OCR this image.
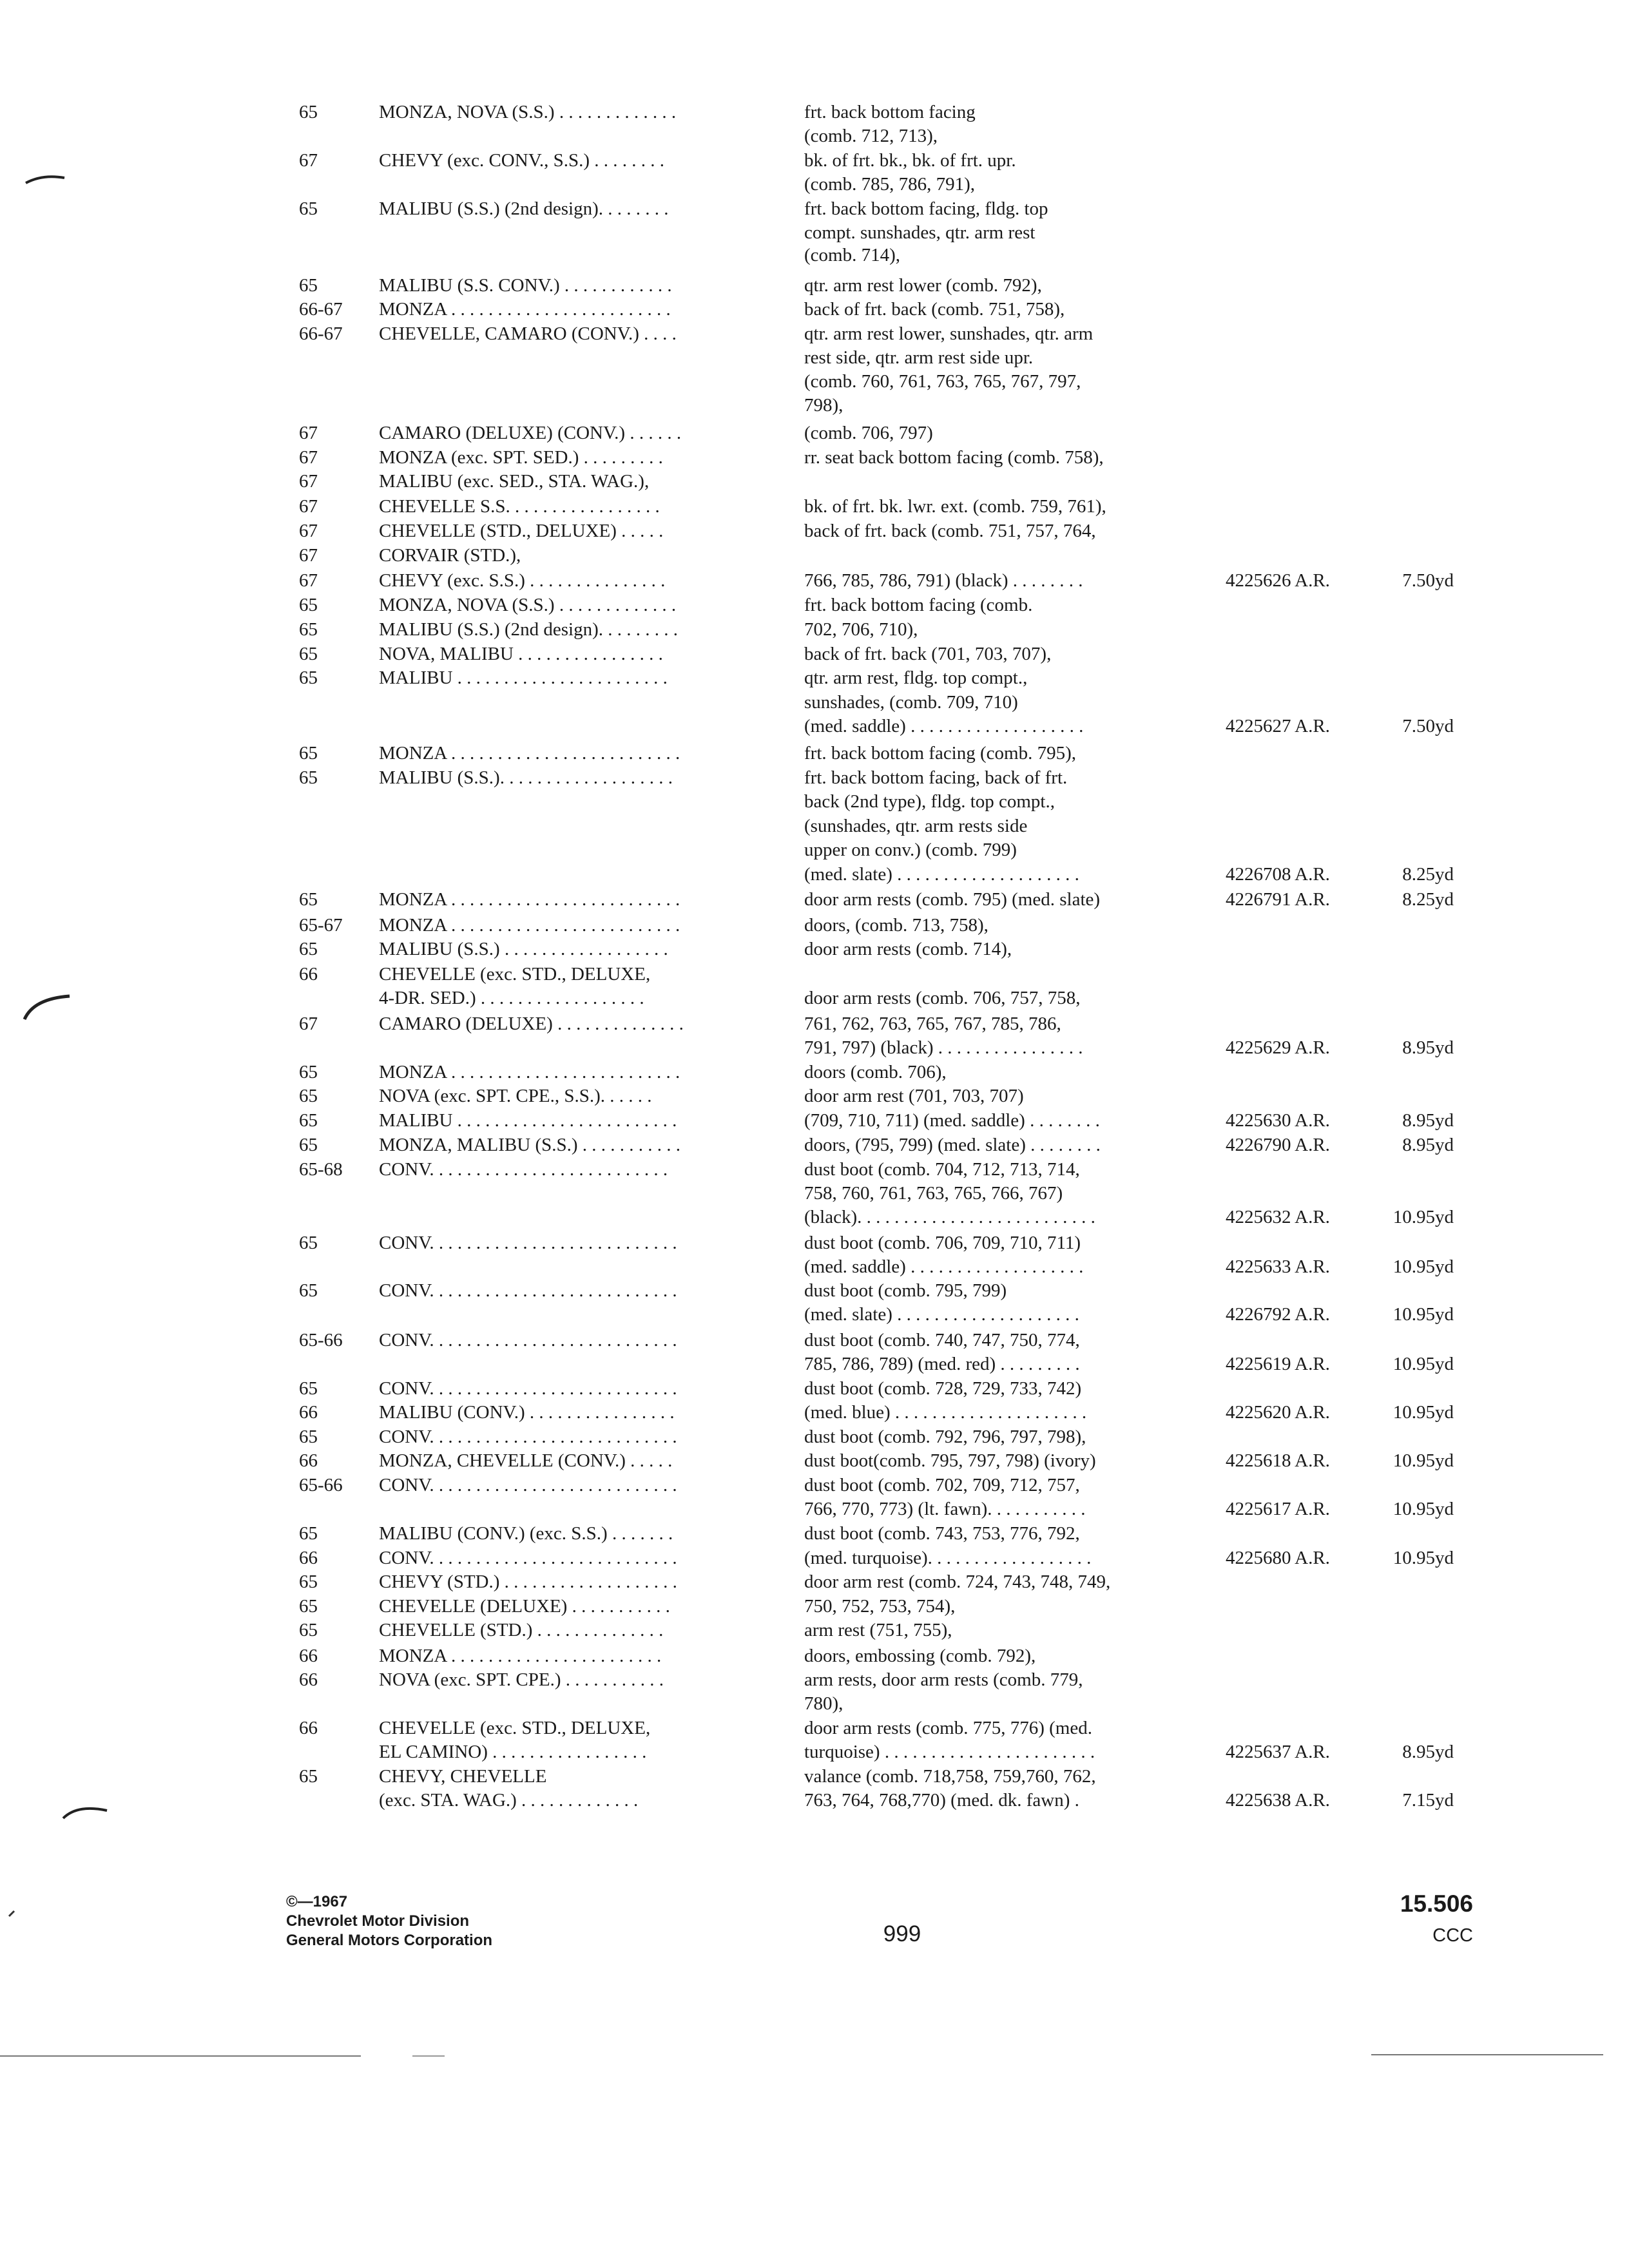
65	MONZA, NOVA (S.S.) . . . . . . . . . . . . .	frt. back bottom facing
(comb. 712, 713),
67	CHEVY (exc. CONV., S.S.) . . . . . . . .	bk. of frt. bk., bk. of frt. upr.
(comb. 785, 786, 791),
65	MALIBU (S.S.) (2nd design). . . . . . . .	frt. back bottom facing, fldg. top
compt. sunshades, qtr. arm rest
(comb. 714),
65	MALIBU (S.S. CONV.) . . . . . . . . . . . .	qtr. arm rest lower (comb. 792),
66-67 MONZA . . . . . . . . . . . . . . . . . . . . . . . .	back of frt. back (comb. 751, 758),
66-67 CHEVELLE, CAMARO (CONV.) . . . .	qtr. arm rest lower, sunshades, qtr. arm
rest side, qtr. arm rest side upr.
(comb. 760, 761, 763, 765, 767, 797,
798),
67	CAMARO (DELUXE) (CONV.) . . . . . .	(comb. 706, 797)
67	MONZA (exc. SPT. SED.) . . . . . . . . .	rr. seat back bottom facing (comb. 758),
67	MALIBU (exc. SED., STA. WAG.),
67	CHEVELLE S.S. . . . . . . . . . . . . . . . .	bk. of frt. bk. lwr. ext. (comb. 759, 761),
67	CHEVELLE (STD., DELUXE) . . . . .	back of frt. back (comb. 751, 757, 764,
67	CORVAIR (STD.),
67	CHEVY (exc. S.S.) . . . . . . . . . . . . . . .	766, 785, 786, 791) (black) . . . . . . . .	4225626 A.R.	7.50yd
65	MONZA, NOVA (S.S.) . . . . . . . . . . . . .	frt. back bottom facing (comb.
65	MALIBU (S.S.) (2nd design). . . . . . . . .	702, 706, 710),
65	NOVA, MALIBU . . . . . . . . . . . . . . . .	back of frt. back (701, 703, 707),
65	MALIBU . . . . . . . . . . . . . . . . . . . . . . .	qtr. arm rest, fldg. top compt.,
sunshades, (comb. 709, 710)
(med. saddle) . . . . . . . . . . . . . . . . . . .	4225627 A.R.	7.50yd
65	MONZA . . . . . . . . . . . . . . . . . . . . . . . . .	frt. back bottom facing (comb. 795),
65	MALIBU (S.S.). . . . . . . . . . . . . . . . . . .	frt. back bottom facing, back of frt.
back (2nd type), fldg. top compt.,
(sunshades, qtr. arm rests side
upper on conv.) (comb. 799)
(med. slate) . . . . . . . . . . . . . . . . . . . .	4226708 A.R.	8.25yd
65	MONZA . . . . . . . . . . . . . . . . . . . . . . . . .	door arm rests (comb. 795) (med. slate)	4226791 A.R.	8.25yd
65-67 MONZA . . . . . . . . . . . . . . . . . . . . . . . . .	doors, (comb. 713, 758),
65	MALIBU (S.S.) . . . . . . . . . . . . . . . . . .	door arm rests (comb. 714),
66	CHEVELLE (exc. STD., DELUXE,
4-DR. SED.) . . . . . . . . . . . . . . . . . .	door arm rests (comb. 706, 757, 758,
67	CAMARO (DELUXE) . . . . . . . . . . . . . .	761, 762, 763, 765, 767, 785, 786,
791, 797) (black) . . . . . . . . . . . . . . . .	4225629 A.R.	8.95yd
65	MONZA . . . . . . . . . . . . . . . . . . . . . . . . .	doors (comb. 706),
65	NOVA (exc. SPT. CPE., S.S.). . . . . .	door arm rest (701, 703, 707)
65	MALIBU . . . . . . . . . . . . . . . . . . . . . . . .	(709, 710, 711) (med. saddle) . . . . . . . .	4225630 A.R.	8.95yd
65	MONZA, MALIBU (S.S.) . . . . . . . . . . .	doors, (795, 799) (med. slate) . . . . . . . .	4226790 A.R.	8.95yd
65-68 CONV. . . . . . . . . . . . . . . . . . . . . . . . . .	dust boot (comb. 704, 712, 713, 714,
758, 760, 761, 763, 765, 766, 767)
(black). . . . . . . . . . . . . . . . . . . . . . . . . .	4225632 A.R.	10.95yd
65	CONV. . . . . . . . . . . . . . . . . . . . . . . . . . .	dust boot (comb. 706, 709, 710, 711)
(med. saddle) . . . . . . . . . . . . . . . . . . .	4225633 A.R.	10.95yd
65	CONV. . . . . . . . . . . . . . . . . . . . . . . . . . .	dust boot (comb. 795, 799)
(med. slate) . . . . . . . . . . . . . . . . . . . .	4226792 A.R.	10.95yd
65-66 CONV. . . . . . . . . . . . . . . . . . . . . . . . . . .	dust boot (comb. 740, 747, 750, 774,
785, 786, 789) (med. red) . . . . . . . . .	4225619 A.R.	10.95yd
65	CONV. . . . . . . . . . . . . . . . . . . . . . . . . . .	dust boot (comb. 728, 729, 733, 742)
66	MALIBU (CONV.) . . . . . . . . . . . . . . . .	(med. blue) . . . . . . . . . . . . . . . . . . . . .	4225620 A.R.	10.95yd
65	CONV. . . . . . . . . . . . . . . . . . . . . . . . . . .	dust boot (comb. 792, 796, 797, 798),
66	MONZA, CHEVELLE (CONV.) . . . . .	dust boot(comb. 795, 797, 798) (ivory)	4225618 A.R.	10.95yd
65-66 CONV. . . . . . . . . . . . . . . . . . . . . . . . . . .	dust boot (comb. 702, 709, 712, 757,
766, 770, 773) (lt. fawn). . . . . . . . . . .	4225617 A.R.	10.95yd
65	MALIBU (CONV.) (exc. S.S.) . . . . . . .	dust boot (comb. 743, 753, 776, 792,
66	CONV. . . . . . . . . . . . . . . . . . . . . . . . . . .	(med. turquoise). . . . . . . . . . . . . . . . . .	4225680 A.R.	10.95yd
65	CHEVY (STD.) . . . . . . . . . . . . . . . . . . .	door arm rest (comb. 724, 743, 748, 749,
65	CHEVELLE (DELUXE) . . . . . . . . . . .	750, 752, 753, 754),
65	CHEVELLE (STD.) . . . . . . . . . . . . . .	arm rest (751, 755),
66	MONZA . . . . . . . . . . . . . . . . . . . . . . .	doors, embossing (comb. 792),
66	NOVA (exc. SPT. CPE.) . . . . . . . . . . .	arm rests, door arm rests (comb. 779,
780),
66	CHEVELLE (exc. STD., DELUXE,	door arm rests (comb. 775, 776) (med.
EL CAMINO) . . . . . . . . . . . . . . . . .	turquoise) . . . . . . . . . . . . . . . . . . . . . . .	4225637 A.R.	8.95yd
65	CHEVY, CHEVELLE	valance (comb. 718,758, 759,760, 762,
(exc. STA. WAG.) . . . . . . . . . . . . .	763, 764, 768,770) (med. dk. fawn) .	4225638 A.R.	7.15yd
©—1967
Chevrolet Motor Division
General Motors Corporation	999
15.506
CCC
